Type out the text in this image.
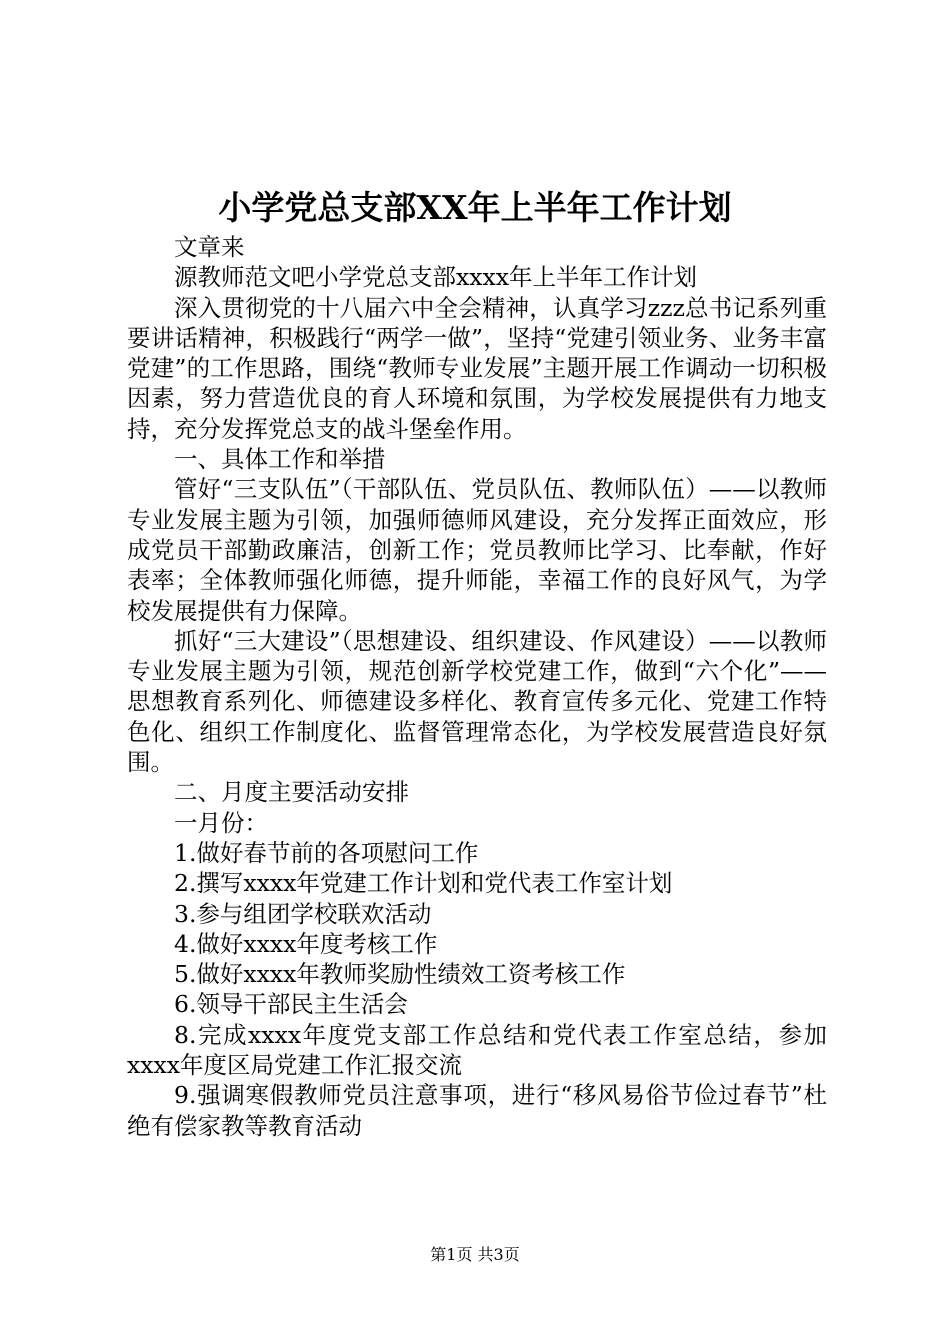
小学党总支部XX年上半年工作计划

文章来

源教师范文吧小学党总支部xxxx年上半年工作计划

深入贯彻党的十八届六中全会精神，认真学习zzz总书记系列重要讲话精神，积极践行“两学一做”，坚持“党建引领业务、业务丰富党建”的工作思路，围绕“教师专业发展”主题开展工作调动一切积极因素，努力营造优良的育人环境和氛围，为学校发展提供有力地支持，充分发挥党总支的战斗堡垒作用。

一、具体工作和举措

管好“三支队伍”（干部队伍、党员队伍、教师队伍）——以教师专业发展主题为引领，加强师德师风建设，充分发挥正面效应，形成党员干部勤政廉洁，创新工作；党员教师比学习、比奉献，作好表率；全体教师强化师德，提升师能，幸福工作的良好风气，为学校发展提供有力保障。

抓好“三大建设”（思想建设、组织建设、作风建设）——以教师专业发展主题为引领，规范创新学校党建工作，做到“六个化”——思想教育系列化、师德建设多样化、教育宣传多元化、党建工作特色化、组织工作制度化、监督管理常态化，为学校发展营造良好氛围。

二、月度主要活动安排

一月份：

1.做好春节前的各项慰问工作

2.撰写xxxx年党建工作计划和党代表工作室计划

3.参与组团学校联欢活动

4.做好xxxx年度考核工作

5.做好xxxx年教师奖励性绩效工资考核工作

6.领导干部民主生活会

8.完成xxxx年度党支部工作总结和党代表工作室总结，参加xxxx年度区局党建工作汇报交流

9.强调寒假教师党员注意事项，进行“移风易俗节俭过春节”杜绝有偿家教等教育活动

第1页 共3页
